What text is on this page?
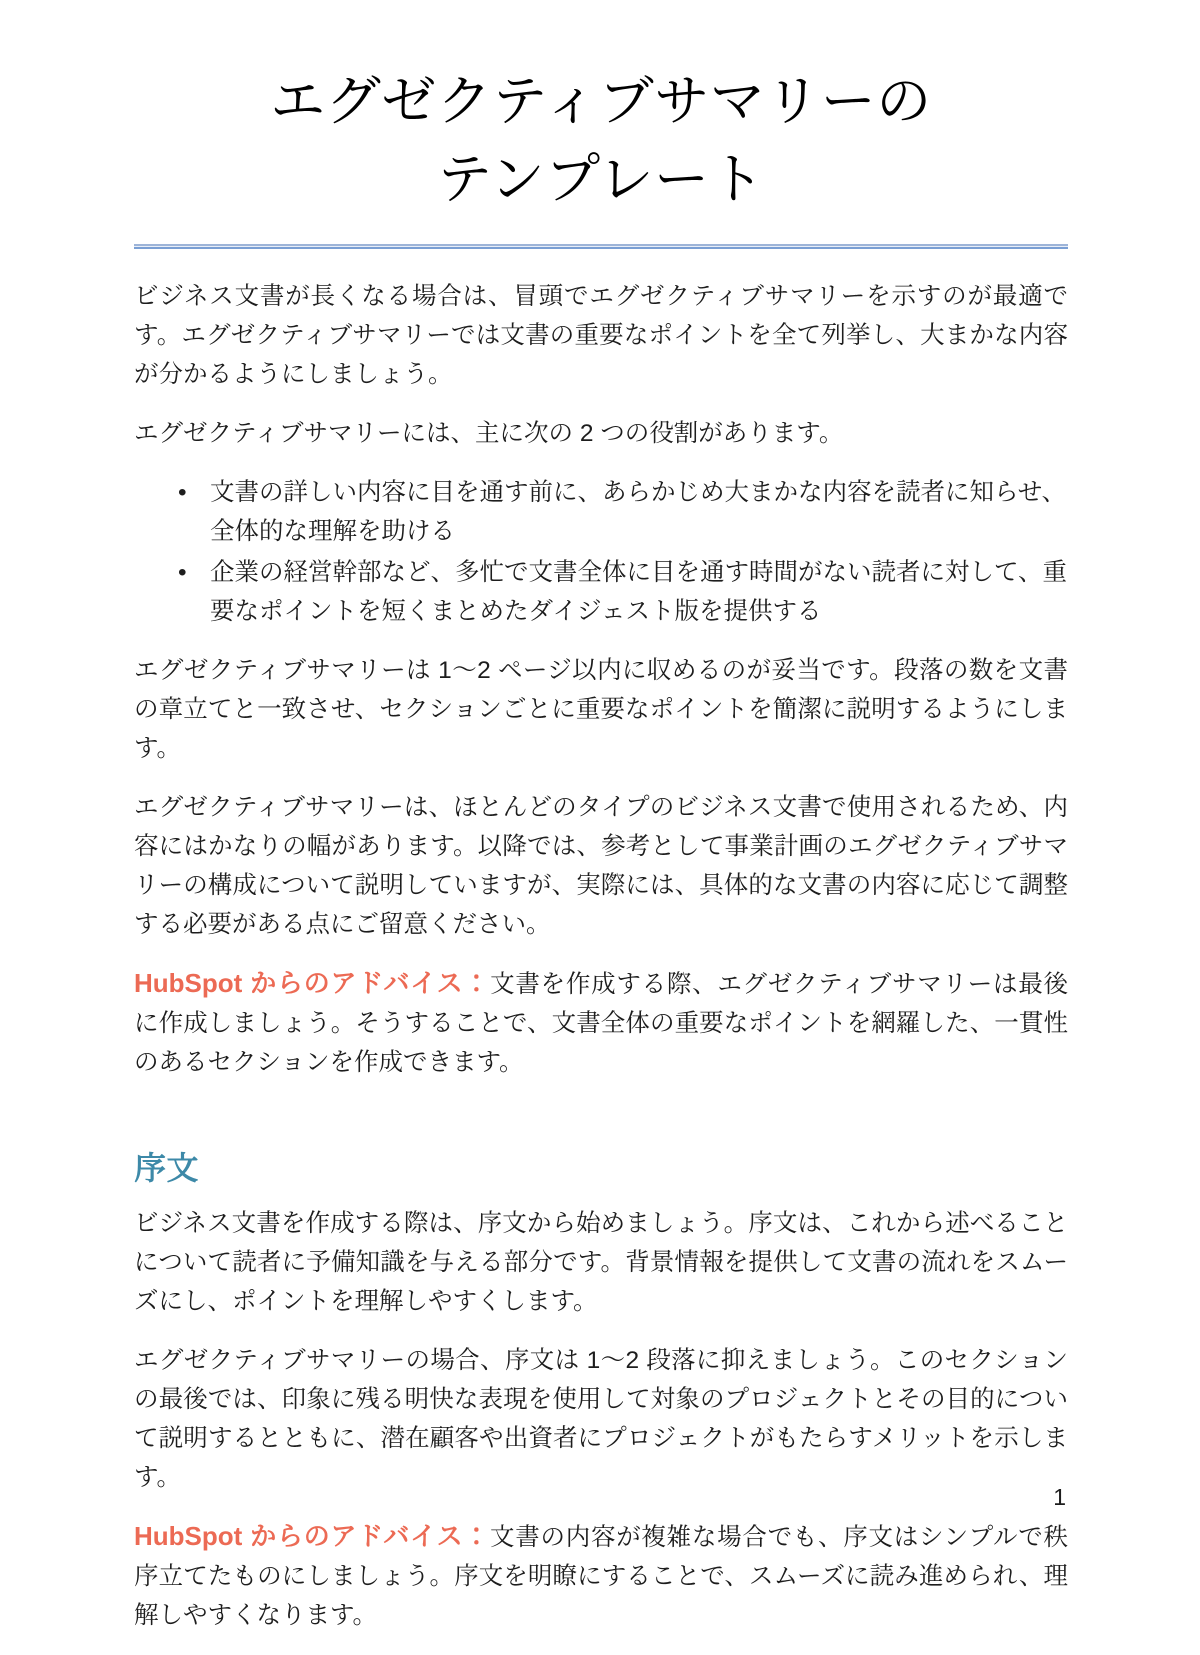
エグゼクティブサマリーの
テンプレート

ビジネス文書が長くなる場合は、冒頭でエグゼクティブサマリーを示すのが最適です。エグゼクティブサマリーでは文書の重要なポイントを全て列挙し、大まかな内容が分かるようにしましょう。

エグゼクティブサマリーには、主に次の 2 つの役割があります。

• 文書の詳しい内容に目を通す前に、あらかじめ大まかな内容を読者に知らせ、全体的な理解を助ける
• 企業の経営幹部など、多忙で文書全体に目を通す時間がない読者に対して、重要なポイントを短くまとめたダイジェスト版を提供する

エグゼクティブサマリーは 1〜2 ページ以内に収めるのが妥当です。段落の数を文書の章立てと一致させ、セクションごとに重要なポイントを簡潔に説明するようにします。

エグゼクティブサマリーは、ほとんどのタイプのビジネス文書で使用されるため、内容にはかなりの幅があります。以降では、参考として事業計画のエグゼクティブサマリーの構成について説明していますが、実際には、具体的な文書の内容に応じて調整する必要がある点にご留意ください。

HubSpot からのアドバイス：文書を作成する際、エグゼクティブサマリーは最後に作成しましょう。そうすることで、文書全体の重要なポイントを網羅した、一貫性のあるセクションを作成できます。

序文

ビジネス文書を作成する際は、序文から始めましょう。序文は、これから述べることについて読者に予備知識を与える部分です。背景情報を提供して文書の流れをスムーズにし、ポイントを理解しやすくします。

エグゼクティブサマリーの場合、序文は 1〜2 段落に抑えましょう。このセクションの最後では、印象に残る明快な表現を使用して対象のプロジェクトとその目的について説明するとともに、潜在顧客や出資者にプロジェクトがもたらすメリットを示します。

HubSpot からのアドバイス：文書の内容が複雑な場合でも、序文はシンプルで秩序立てたものにしましょう。序文を明瞭にすることで、スムーズに読み進められ、理解しやすくなります。

1
